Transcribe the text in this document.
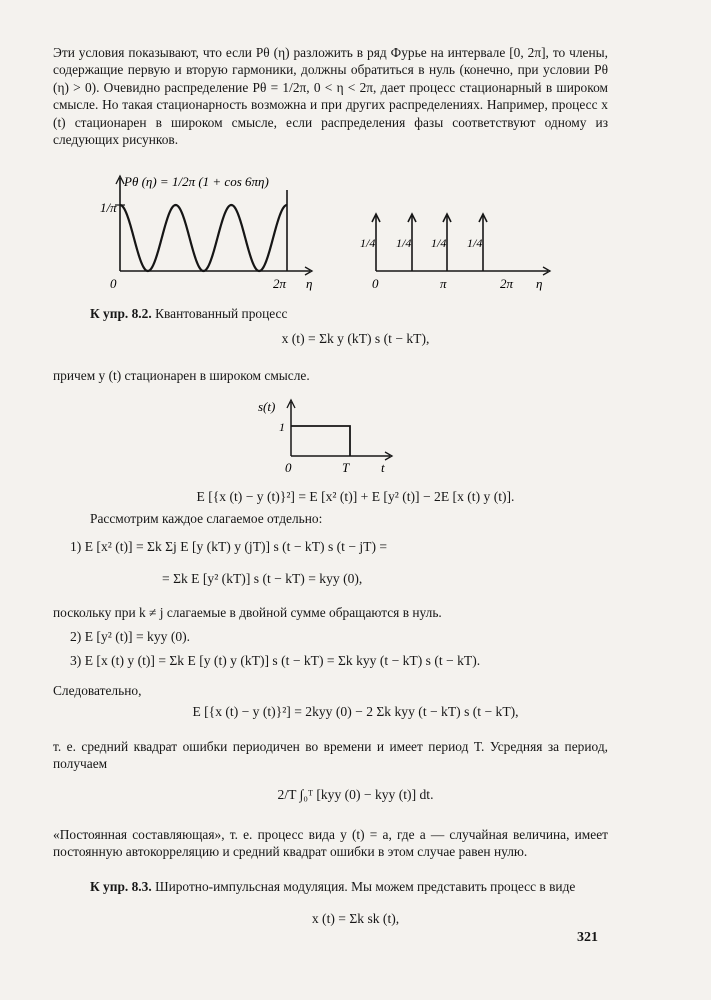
Эти условия показывают, что если Pθ (η) разложить в ряд Фурье на интервале [0, 2π], то члены, содержащие первую и вторую гармоники, должны обратиться в нуль (конечно, при условии Pθ (η) > 0). Очевидно распределение Pθ = 1/2π, 0 < η < 2π, дает процесс стационарный в широком смысле. Но такая стационарность возможна и при других распределениях. Например, процесс x (t) стационарен в широком смысле, если распределения фазы соответствуют одному из следующих рисунков.
Pθ (η) = 1/2π (1 + cos 6πη)
1/π
0	2π η
1/4 1/4 1/4 1/4
0	π	2π η
К упр. 8.2. Квантованный процесс
x (t) = Σk y (kT) s (t − kT),
причем y (t) стационарен в широком смысле.
s(t)
1
0	T t
E [{x (t) − y (t)}²] = E [x² (t)] + E [y² (t)] − 2E [x (t) y (t)].
Рассмотрим каждое слагаемое отдельно:
1) E [x² (t)] = Σk Σj E [y (kT) y (jT)] s (t − kT) s (t − jT) =
= Σk E [y² (kT)] s (t − kT) = kyy (0),
поскольку при k ≠ j слагаемые в двойной сумме обращаются в нуль.
2) E [y² (t)] = kyy (0).
3) E [x (t) y (t)] = Σk E [y (t) y (kT)] s (t − kT) = Σk kyy (t − kT) s (t − kT).
Следовательно,
E [{x (t) − y (t)}²] = 2kyy (0) − 2 Σk kyy (t − kT) s (t − kT),
т. е. средний квадрат ошибки периодичен во времени и имеет период T. Усредняя за период, получаем
2/T ∫₀ᵀ [kyy (0) − kyy (t)] dt.
«Постоянная составляющая», т. е. процесс вида y (t) = a, где a — случайная величина, имеет постоянную автокорреляцию и средний квадрат ошибки в этом случае равен нулю.
К упр. 8.3. Широтно-импульсная модуляция. Мы можем представить процесс в виде
x (t) = Σk sk (t),
321
